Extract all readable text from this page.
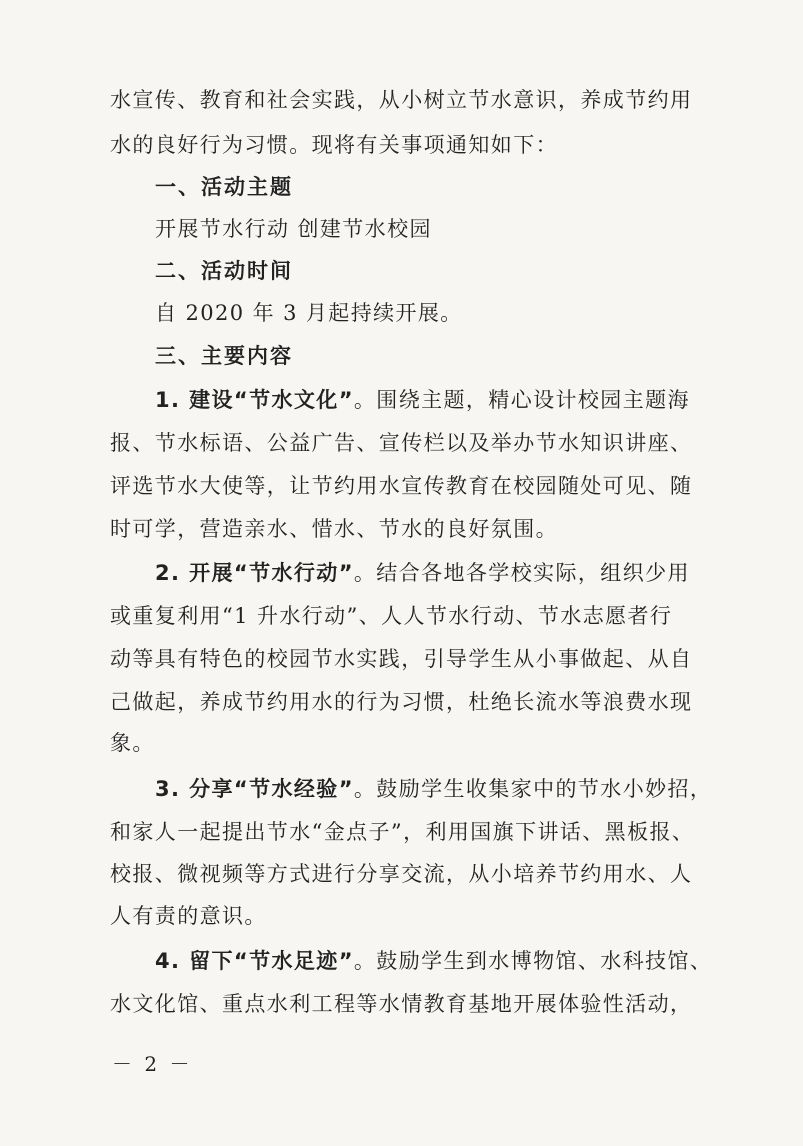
水宣传、教育和社会实践，从小树立节水意识，养成节约用
水的良好行为习惯。现将有关事项通知如下：
一、活动主题
开展节水行动 创建节水校园
二、活动时间
自 2020 年 3 月起持续开展。
三、主要内容
1. 建设“节水文化”。围绕主题，精心设计校园主题海
报、节水标语、公益广告、宣传栏以及举办节水知识讲座、
评选节水大使等，让节约用水宣传教育在校园随处可见、随
时可学，营造亲水、惜水、节水的良好氛围。
2. 开展“节水行动”。结合各地各学校实际，组织少用
或重复利用“1 升水行动”、人人节水行动、节水志愿者行
动等具有特色的校园节水实践，引导学生从小事做起、从自
己做起，养成节约用水的行为习惯，杜绝长流水等浪费水现
象。
3. 分享“节水经验”。鼓励学生收集家中的节水小妙招，
和家人一起提出节水“金点子”，利用国旗下讲话、黑板报、
校报、微视频等方式进行分享交流，从小培养节约用水、人
人有责的意识。
4. 留下“节水足迹”。鼓励学生到水博物馆、水科技馆、
水文化馆、重点水利工程等水情教育基地开展体验性活动，
－ 2 －
